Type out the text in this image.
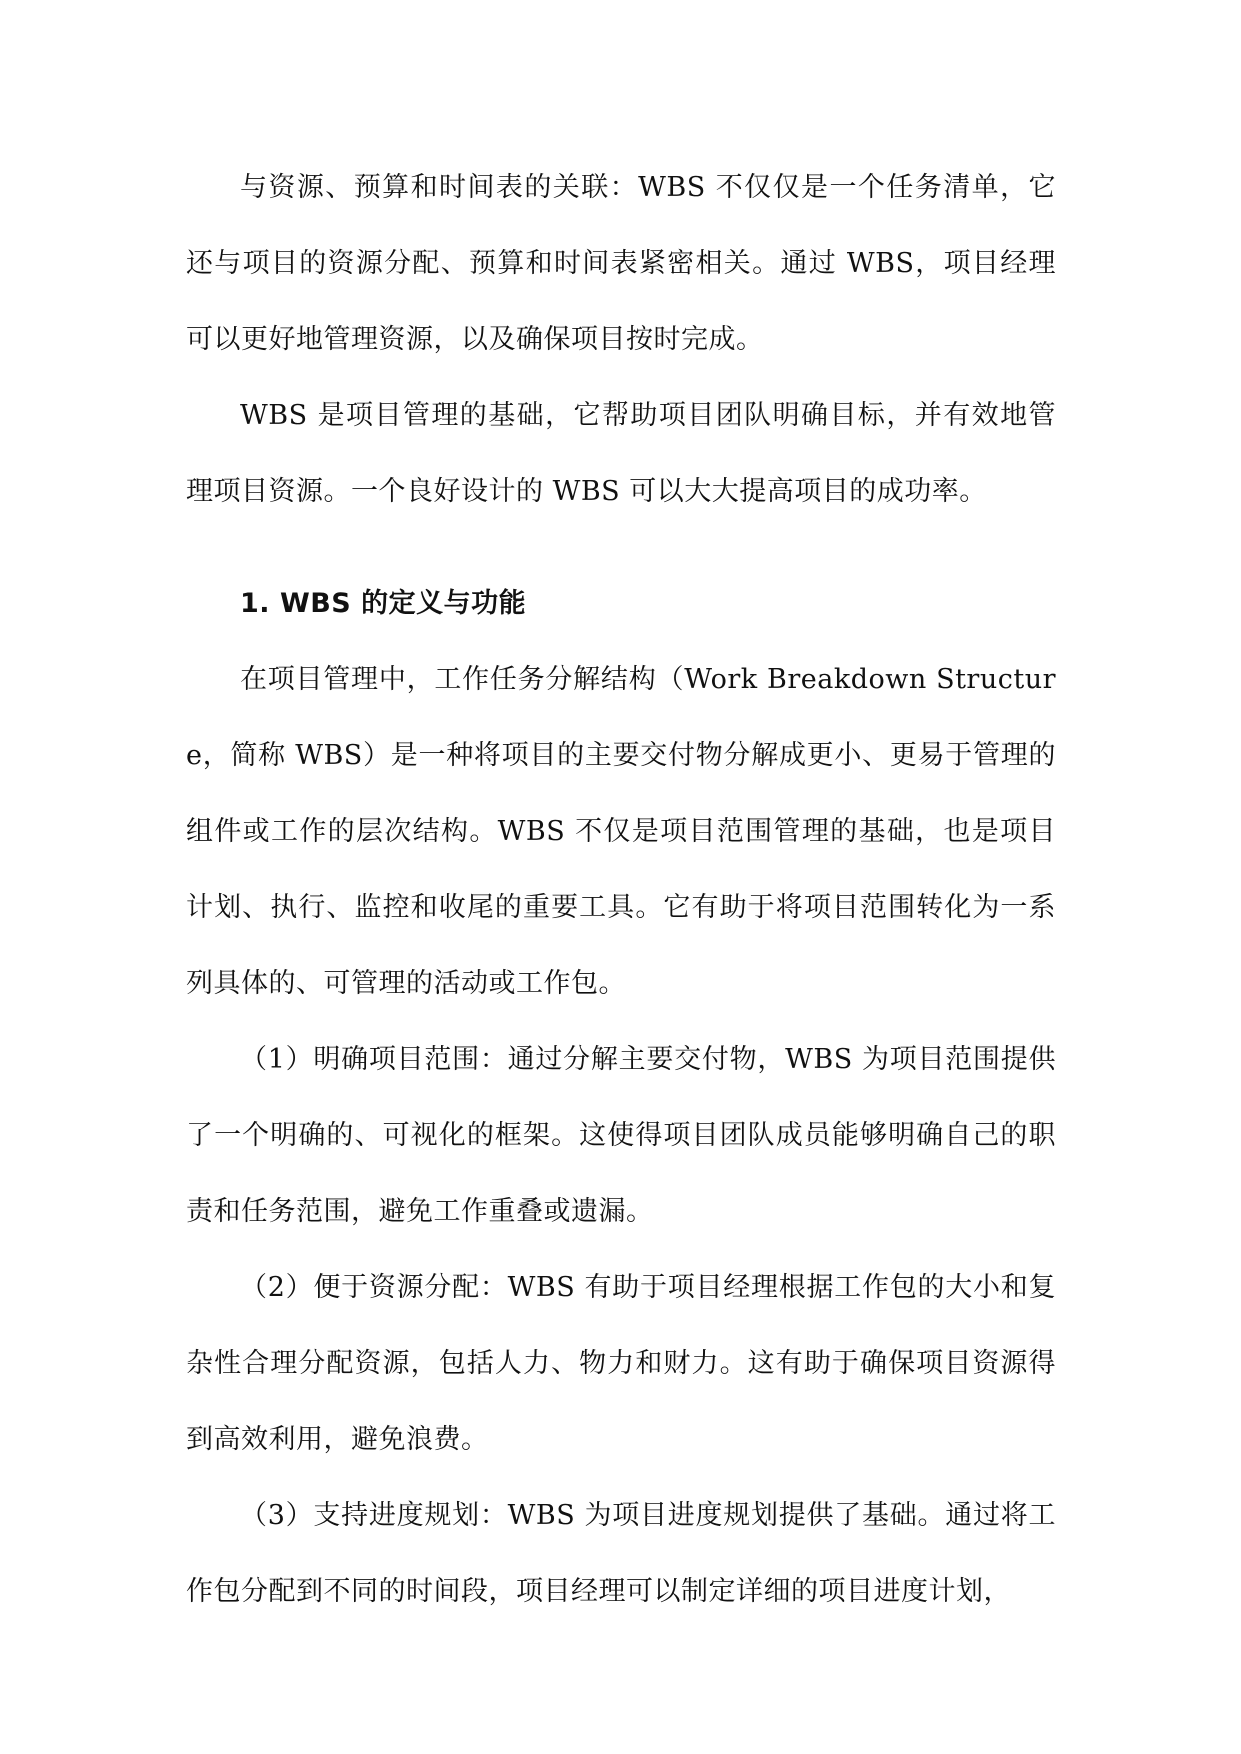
与资源、预算和时间表的关联：WBS 不仅仅是一个任务清单，它还与项目的资源分配、预算和时间表紧密相关。通过 WBS，项目经理可以更好地管理资源，以及确保项目按时完成。

WBS 是项目管理的基础，它帮助项目团队明确目标，并有效地管理项目资源。一个良好设计的 WBS 可以大大提高项目的成功率。

1. WBS 的定义与功能

在项目管理中，工作任务分解结构（Work Breakdown Structure，简称 WBS）是一种将项目的主要交付物分解成更小、更易于管理的组件或工作的层次结构。WBS 不仅是项目范围管理的基础，也是项目计划、执行、监控和收尾的重要工具。它有助于将项目范围转化为一系列具体的、可管理的活动或工作包。

（1）明确项目范围：通过分解主要交付物，WBS 为项目范围提供了一个明确的、可视化的框架。这使得项目团队成员能够明确自己的职责和任务范围，避免工作重叠或遗漏。

（2）便于资源分配：WBS 有助于项目经理根据工作包的大小和复杂性合理分配资源，包括人力、物力和财力。这有助于确保项目资源得到高效利用，避免浪费。

（3）支持进度规划：WBS 为项目进度规划提供了基础。通过将工作包分配到不同的时间段，项目经理可以制定详细的项目进度计划，
